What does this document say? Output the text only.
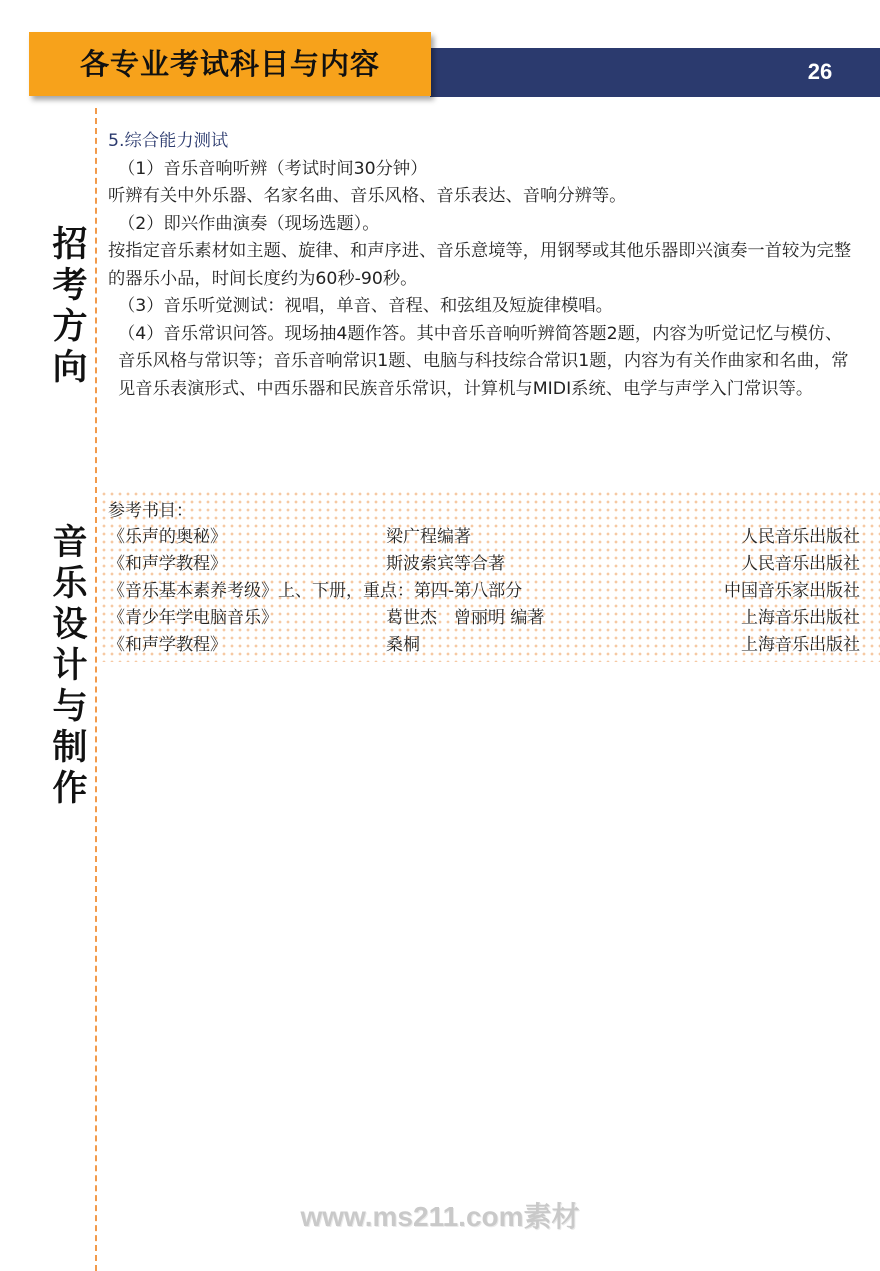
26
各专业考试科目与内容
招考方向
音乐设计与制作

5.综合能力测试

（1）音乐音响听辨（考试时间30分钟）

听辨有关中外乐器、名家名曲、音乐风格、音乐表达、音响分辨等。

（2）即兴作曲演奏（现场选题）。

按指定音乐素材如主题、旋律、和声序进、音乐意境等，用钢琴或其他乐器即兴演奏一首较为完整的器乐小品，时间长度约为60秒-90秒。

（3）音乐听觉测试：视唱，单音、音程、和弦组及短旋律模唱。

（4）音乐常识问答。现场抽4题作答。其中音乐音响听辨简答题2题，内容为听觉记忆与模仿、音乐风格与常识等；音乐音响常识1题、电脑与科技综合常识1题，内容为有关作曲家和名曲，常见音乐表演形式、中西乐器和民族音乐常识，计算机与MIDI系统、电学与声学入门常识等。

参考书目：
《乐声的奥秘》	梁广程编著	人民音乐出版社
《和声学教程》	斯波索宾等合著	人民音乐出版社
《音乐基本素养考级》上、下册，重点：第四-第八部分	中国音乐家出版社
《青少年学电脑音乐》	葛世杰　曾丽明 编著	上海音乐出版社
《和声学教程》	桑桐	上海音乐出版社
www.ms211.com素材
